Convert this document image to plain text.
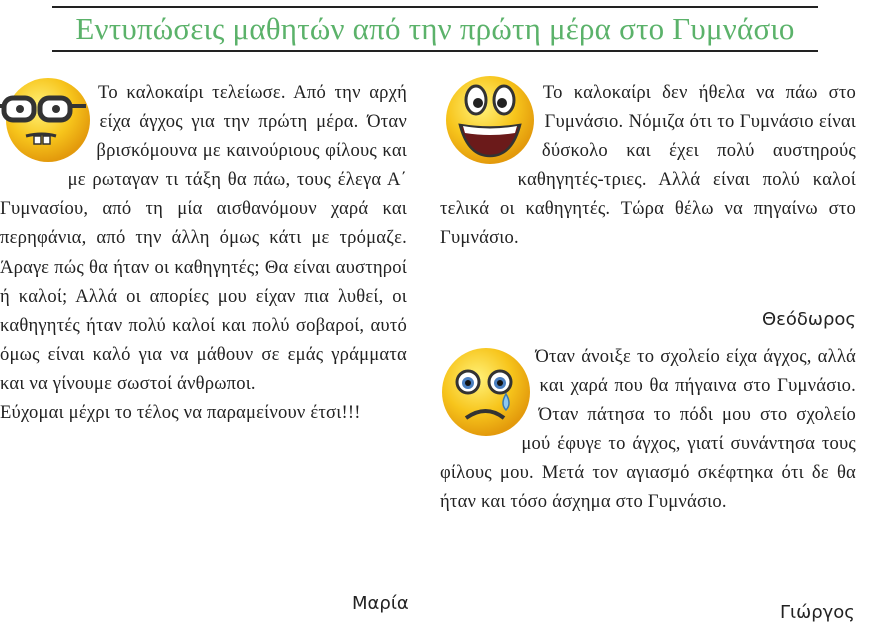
Εντυπώσεις μαθητών από την πρώτη μέρα στο Γυμνάσιο

Το καλοκαίρι τελείωσε. Από την αρχή είχα άγχος για την πρώτη μέρα. Όταν βρισκόμουνα με καινούριους φίλους και με ρωταγαν τι τάξη θα πάω, τους έλεγα Α΄ Γυμνασίου, από τη μία αισθανόμουν χαρά και περηφάνια, από την άλλη όμως κάτι με τρόμαζε. Άραγε πώς θα ήταν οι καθηγητές; Θα είναι αυστηροί ή καλοί; Αλλά οι απορίες μου είχαν πια λυθεί, οι καθηγητές ήταν πολύ καλοί και πολύ σοβαροί, αυτό όμως είναι καλό για να μάθουν σε εμάς γράμματα και να γίνουμε σωστοί άνθρωποι.

Εύχομαι μέχρι το τέλος να παραμείνουν έτσι!!!

Μαρία

Το καλοκαίρι δεν ήθελα να πάω στο Γυμνάσιο. Νόμιζα ότι το Γυμνάσιο είναι δύσκολο και έχει πολύ αυστηρούς καθηγητές-τριες. Αλλά είναι πολύ καλοί τελικά οι καθηγητές. Τώρα θέλω να πηγαίνω στο Γυμνάσιο.

Θεόδωρος

Όταν άνοιξε το σχολείο είχα άγχος, αλλά και χαρά που θα πήγαινα στο Γυμνάσιο. Όταν πάτησα το πόδι μου στο σχολείο μού έφυγε το άγχος, γιατί συνάντησα τους φίλους μου. Μετά τον αγιασμό σκέφτηκα ότι δε θα ήταν και τόσο άσχημα στο Γυμνάσιο.

Γιώργος
